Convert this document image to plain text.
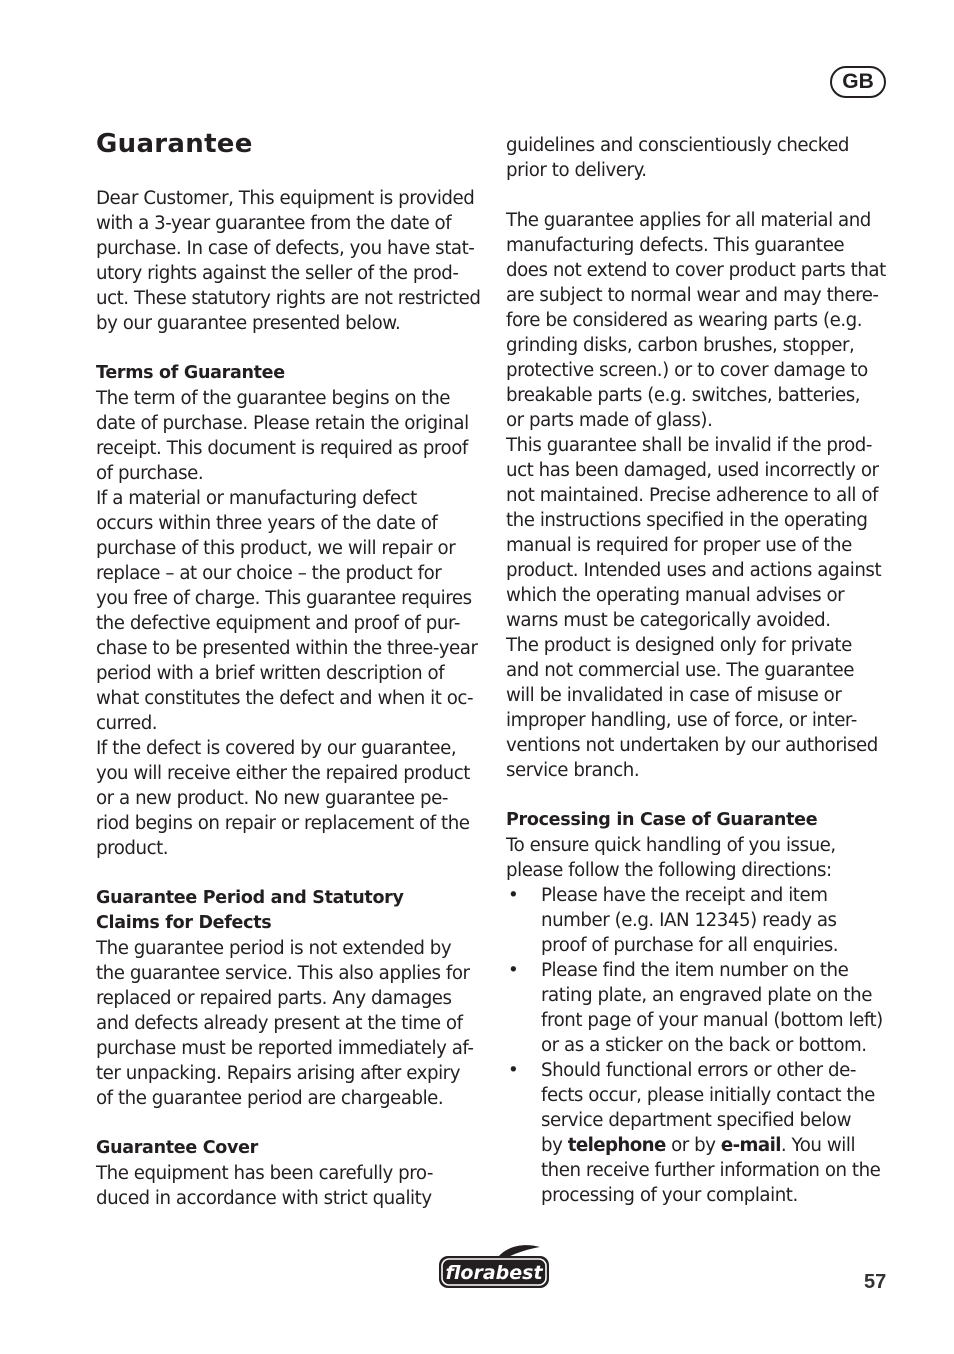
GB
Guarantee
Dear Customer, This equipment is provided
with a 3-year guarantee from the date of
purchase. In case of defects, you have stat-
utory rights against the seller of the prod-
uct. These statutory rights are not restricted
by our guarantee presented below.
Terms of Guarantee
The term of the guarantee begins on the
date of purchase. Please retain the original
receipt. This document is required as proof
of purchase.
If a material or manufacturing defect
occurs within three years of the date of
purchase of this product, we will repair or
replace – at our choice – the product for
you free of charge. This guarantee requires
the defective equipment and proof of pur-
chase to be presented within the three-year
period with a brief written description of
what constitutes the defect and when it oc-
curred.
If the defect is covered by our guarantee,
you will receive either the repaired product
or a new product. No new guarantee pe-
riod begins on repair or replacement of the
product.
Guarantee Period and Statutory
Claims for Defects
The guarantee period is not extended by
the guarantee service. This also applies for
replaced or repaired parts. Any damages
and defects already present at the time of
purchase must be reported immediately af-
ter unpacking. Repairs arising after expiry
of the guarantee period are chargeable.
Guarantee Cover
The equipment has been carefully pro-
duced in accordance with strict quality
guidelines and conscientiously checked
prior to delivery.
The guarantee applies for all material and
manufacturing defects. This guarantee
does not extend to cover product parts that
are subject to normal wear and may there-
fore be considered as wearing parts (e.g.
grinding disks, carbon brushes, stopper,
protective screen.) or to cover damage to
breakable parts (e.g. switches, batteries,
or parts made of glass).
This guarantee shall be invalid if the prod-
uct has been damaged, used incorrectly or
not maintained. Precise adherence to all of
the instructions specified in the operating
manual is required for proper use of the
product. Intended uses and actions against
which the operating manual advises or
warns must be categorically avoided.
The product is designed only for private
and not commercial use. The guarantee
will be invalidated in case of misuse or
improper handling, use of force, or inter-
ventions not undertaken by our authorised
service branch.
Processing in Case of Guarantee
To ensure quick handling of you issue,
please follow the following directions:
• Please have the receipt and item
number (e.g. IAN 12345) ready as
proof of purchase for all enquiries.
• Please find the item number on the
rating plate, an engraved plate on the
front page of your manual (bottom left)
or as a sticker on the back or bottom.
• Should functional errors or other de-
fects occur, please initially contact the
service department specified below
by telephone or by e-mail. You will
then receive further information on the
processing of your complaint.
florabest	57
